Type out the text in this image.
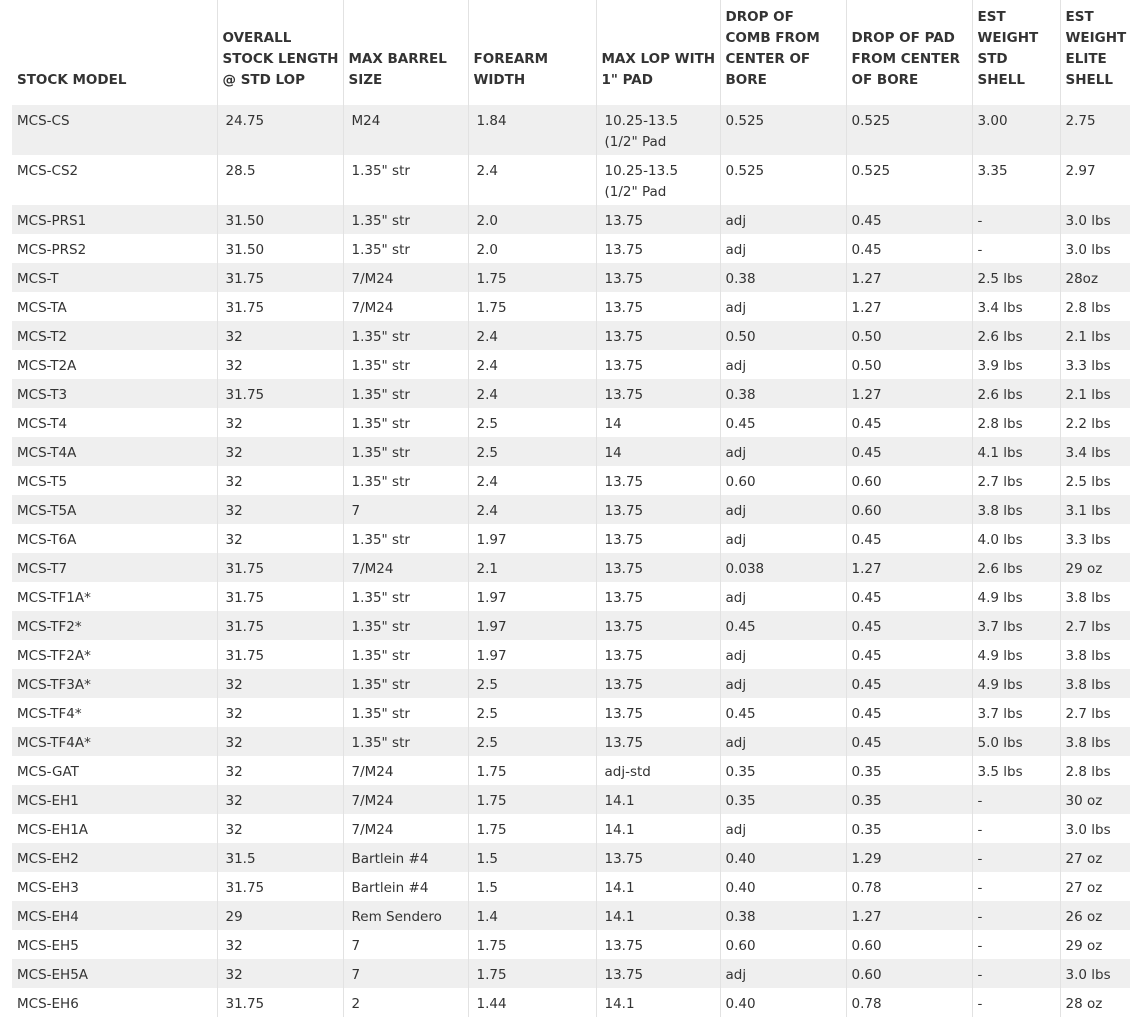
STOCK MODEL	OVERALL STOCK LENGTH @ STD LOP	MAX BARREL SIZE	FOREARM WIDTH	MAX LOP WITH 1" PAD	DROP OF COMB FROM CENTER OF BORE	DROP OF PAD FROM CENTER OF BORE	EST WEIGHT STD SHELL	EST WEIGHT ELITE SHELL
MCS-CS	24.75	M24	1.84	10.25-13.5 (1/2" Pad	0.525	0.525	3.00	2.75
MCS-CS2	28.5	1.35" str	2.4	10.25-13.5 (1/2" Pad	0.525	0.525	3.35	2.97
MCS-PRS1	31.50	1.35" str	2.0	13.75	adj	0.45	-	3.0 lbs
MCS-PRS2	31.50	1.35" str	2.0	13.75	adj	0.45	-	3.0 lbs
MCS-T	31.75	7/M24	1.75	13.75	0.38	1.27	2.5 lbs	28oz
MCS-TA	31.75	7/M24	1.75	13.75	adj	1.27	3.4 lbs	2.8 lbs
MCS-T2	32	1.35" str	2.4	13.75	0.50	0.50	2.6 lbs	2.1 lbs
MCS-T2A	32	1.35" str	2.4	13.75	adj	0.50	3.9 lbs	3.3 lbs
MCS-T3	31.75	1.35" str	2.4	13.75	0.38	1.27	2.6 lbs	2.1 lbs
MCS-T4	32	1.35" str	2.5	14	0.45	0.45	2.8 lbs	2.2 lbs
MCS-T4A	32	1.35" str	2.5	14	adj	0.45	4.1 lbs	3.4 lbs
MCS-T5	32	1.35" str	2.4	13.75	0.60	0.60	2.7 lbs	2.5 lbs
MCS-T5A	32	7	2.4	13.75	adj	0.60	3.8 lbs	3.1 lbs
MCS-T6A	32	1.35" str	1.97	13.75	adj	0.45	4.0 lbs	3.3 lbs
MCS-T7	31.75	7/M24	2.1	13.75	0.038	1.27	2.6 lbs	29 oz
MCS-TF1A*	31.75	1.35" str	1.97	13.75	adj	0.45	4.9 lbs	3.8 lbs
MCS-TF2*	31.75	1.35" str	1.97	13.75	0.45	0.45	3.7 lbs	2.7 lbs
MCS-TF2A*	31.75	1.35" str	1.97	13.75	adj	0.45	4.9 lbs	3.8 lbs
MCS-TF3A*	32	1.35" str	2.5	13.75	adj	0.45	4.9 lbs	3.8 lbs
MCS-TF4*	32	1.35" str	2.5	13.75	0.45	0.45	3.7 lbs	2.7 lbs
MCS-TF4A*	32	1.35" str	2.5	13.75	adj	0.45	5.0 lbs	3.8 lbs
MCS-GAT	32	7/M24	1.75	adj-std	0.35	0.35	3.5 lbs	2.8 lbs
MCS-EH1	32	7/M24	1.75	14.1	0.35	0.35	-	30 oz
MCS-EH1A	32	7/M24	1.75	14.1	adj	0.35	-	3.0 lbs
MCS-EH2	31.5	Bartlein #4	1.5	13.75	0.40	1.29	-	27 oz
MCS-EH3	31.75	Bartlein #4	1.5	14.1	0.40	0.78	-	27 oz
MCS-EH4	29	Rem Sendero	1.4	14.1	0.38	1.27	-	26 oz
MCS-EH5	32	7	1.75	13.75	0.60	0.60	-	29 oz
MCS-EH5A	32	7	1.75	13.75	adj	0.60	-	3.0 lbs
MCS-EH6	31.75	2	1.44	14.1	0.40	0.78	-	28 oz
